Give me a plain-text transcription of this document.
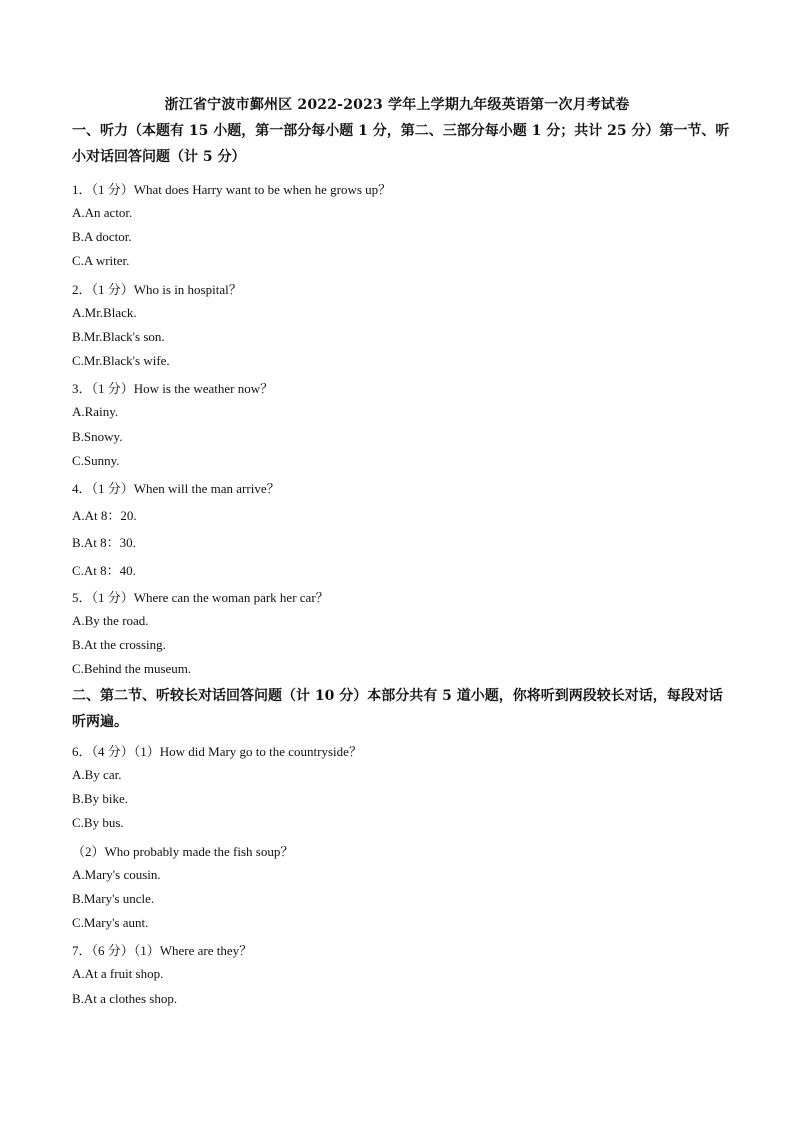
浙江省宁波市鄞州区 2022-2023 学年上学期九年级英语第一次月考试卷
一、听力（本题有 15 小题，第一部分每小题 1 分，第二、三部分每小题 1 分；共计 25 分）第一节、听小对话回答问题（计 5 分）
1．（1 分）What does Harry want to be when he grows up？
A.An actor.
B.A doctor.
C.A writer.
2．（1 分）Who is in hospital？
A.Mr.Black.
B.Mr.Black's son.
C.Mr.Black's wife.
3．（1 分）How is the weather now？
A.Rainy.
B.Snowy.
C.Sunny.
4．（1 分）When will the man arrive？
A.At 8：20.
B.At 8：30.
C.At 8：40.
5．（1 分）Where can the woman park her car？
A.By the road.
B.At the crossing.
C.Behind the museum.
二、第二节、听较长对话回答问题（计 10 分）本部分共有 5 道小题，你将听到两段较长对话，每段对话听两遍。
6．（4 分）（1）How did Mary go to the countryside？
A.By car.
B.By bike.
C.By bus.
（2）Who probably made the fish soup？
A.Mary's cousin.
B.Mary's uncle.
C.Mary's aunt.
7．（6 分）（1）Where are they？
A.At a fruit shop.
B.At a clothes shop.
